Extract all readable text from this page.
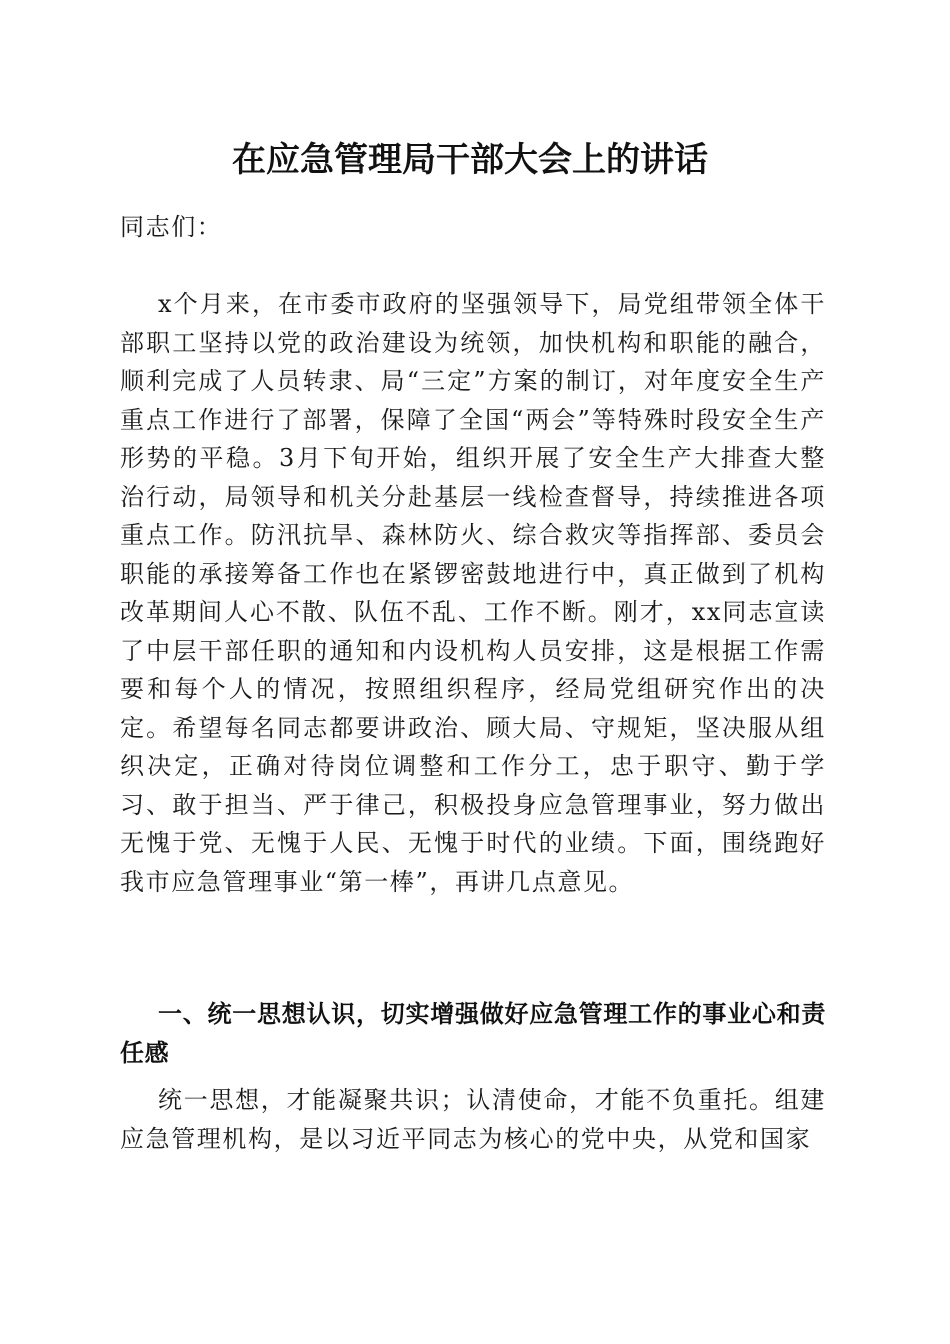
在应急管理局干部大会上的讲话
同志们：
x个月来，在市委市政府的坚强领导下，局党组带领全体干部职工坚持以党的政治建设为统领，加快机构和职能的融合，顺利完成了人员转隶、局“三定”方案的制订，对年度安全生产重点工作进行了部署，保障了全国“两会”等特殊时段安全生产形势的平稳。3月下旬开始，组织开展了安全生产大排查大整治行动，局领导和机关分赴基层一线检查督导，持续推进各项重点工作。防汛抗旱、森林防火、综合救灾等指挥部、委员会职能的承接筹备工作也在紧锣密鼓地进行中，真正做到了机构改革期间人心不散、队伍不乱、工作不断。刚才，xx同志宣读了中层干部任职的通知和内设机构人员安排，这是根据工作需要和每个人的情况，按照组织程序，经局党组研究作出的决定。希望每名同志都要讲政治、顾大局、守规矩，坚决服从组织决定，正确对待岗位调整和工作分工，忠于职守、勤于学习、敢于担当、严于律己，积极投身应急管理事业，努力做出无愧于党、无愧于人民、无愧于时代的业绩。下面，围绕跑好我市应急管理事业“第一棒”，再讲几点意见。
一、统一思想认识，切实增强做好应急管理工作的事业心和责任感
统一思想，才能凝聚共识；认清使命，才能不负重托。组建应急管理机构，是以习近平同志为核心的党中央，从党和国家
